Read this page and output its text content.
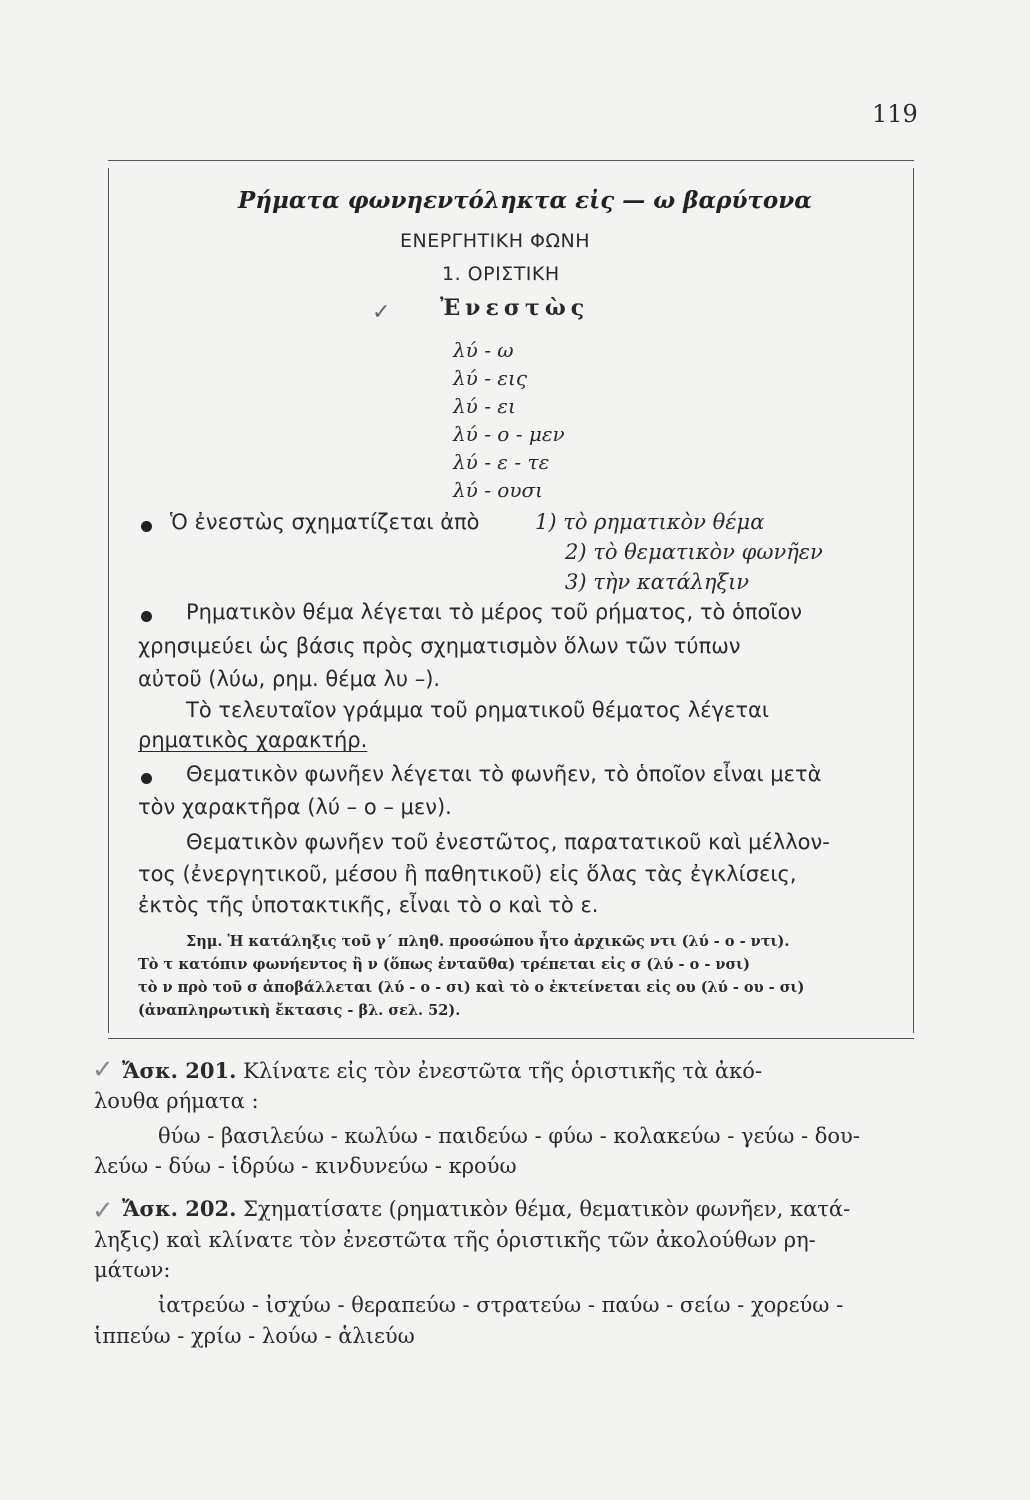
119
Ρήματα φωνηεντόληκτα εἰς — ω βαρύτονα
ΕΝΕΡΓΗΤΙΚΗ ΦΩΝΗ
1. ΟΡΙΣΤΙΚΗ
✓ Ἐνεστὼς
λύ - ω
λύ - εις
λύ - ει
λύ - ο - μεν
λύ - ε - τε
λύ - ουσι
Ὁ ἐνεστὼς σχηματίζεται ἀπὸ	1) τὸ ρηματικὸν θέμα
2) τὸ θεματικὸν φωνῆεν
3) τὴν κατάληξιν
Ρηματικὸν θέμα λέγεται τὸ μέρος τοῦ ρήματος, τὸ ὁποῖον
χρησιμεύει ὡς βάσις πρὸς σχηματισμὸν ὅλων τῶν τύπων
αὐτοῦ (λύω, ρημ. θέμα λυ –).
Τὸ τελευταῖον γράμμα τοῦ ρηματικοῦ θέματος λέγεται
ρηματικὸς χαρακτήρ.
Θεματικὸν φωνῆεν λέγεται τὸ φωνῆεν, τὸ ὁποῖον εἶναι μετὰ
τὸν χαρακτῆρα (λύ – ο – μεν).
Θεματικὸν φωνῆεν τοῦ ἐνεστῶτος, παρατατικοῦ καὶ μέλλον-
τος (ἐνεργητικοῦ, μέσου ἢ παθητικοῦ) εἰς ὅλας τὰς ἐγκλίσεις,
ἐκτὸς τῆς ὑποτακτικῆς, εἶναι τὸ ο καὶ τὸ ε.
Σημ. Ἡ κατάληξις τοῦ γ΄ πληθ. προσώπου ἦτο ἀρχικῶς ντι (λύ - ο - ντι).
Τὸ τ κατόπιν φωνήεντος ἢ ν (ὅπως ἐνταῦθα) τρέπεται εἰς σ (λύ - ο - νσι)
τὸ ν πρὸ τοῦ σ ἀποβάλλεται (λύ - ο - σι) καὶ τὸ ο ἐκτείνεται εἰς ου (λύ - ου - σι)
(ἀναπληρωτικὴ ἔκτασις - βλ. σελ. 52).
✓ Ἄσκ. 201. Κλίνατε εἰς τὸν ἐνεστῶτα τῆς ὁριστικῆς τὰ ἀκό-
λουθα ρήματα :
θύω - βασιλεύω - κωλύω - παιδεύω - φύω - κολακεύω - γεύω - δου-
λεύω - δύω - ἱδρύω - κινδυνεύω - κρούω
✓ Ἄσκ. 202. Σχηματίσατε (ρηματικὸν θέμα, θεματικὸν φωνῆεν, κατά-
ληξις) καὶ κλίνατε τὸν ἐνεστῶτα τῆς ὁριστικῆς τῶν ἀκολούθων ρη-
μάτων:
ἰατρεύω - ἰσχύω - θεραπεύω - στρατεύω - παύω - σείω - χορεύω -
ἱππεύω - χρίω - λούω - ἁλιεύω
